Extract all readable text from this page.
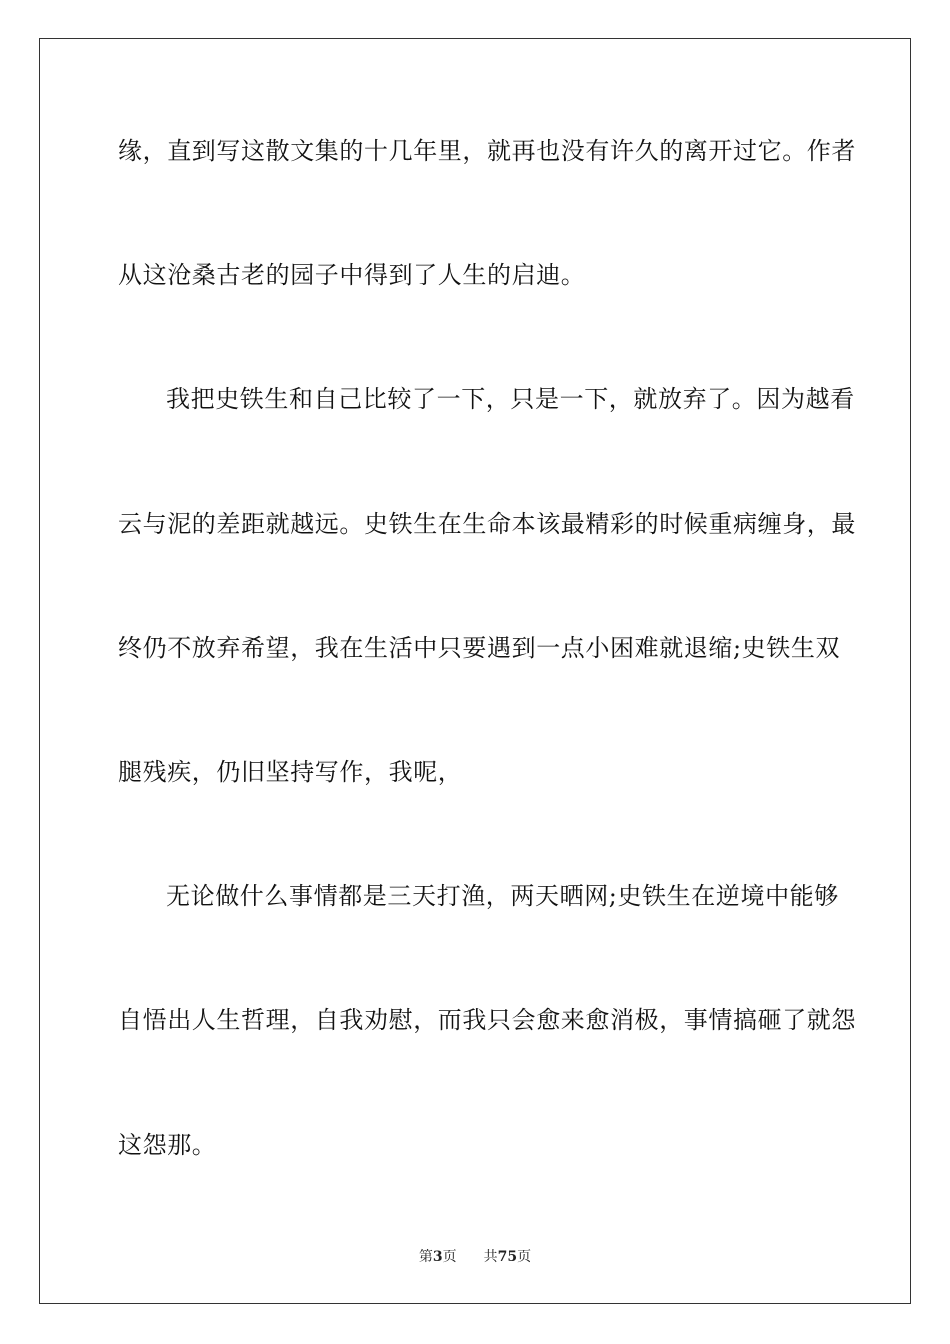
缘，直到写这散文集的十几年里，就再也没有许久的离开过它。作者
从这沧桑古老的园子中得到了人生的启迪。
我把史铁生和自己比较了一下，只是一下，就放弃了。因为越看
云与泥的差距就越远。史铁生在生命本该最精彩的时候重病缠身，最
终仍不放弃希望，我在生活中只要遇到一点小困难就退缩;史铁生双
腿残疾，仍旧坚持写作，我呢，
无论做什么事情都是三天打渔，两天晒网;史铁生在逆境中能够
自悟出人生哲理，自我劝慰，而我只会愈来愈消极，事情搞砸了就怨
这怨那。
第3页 共75页
